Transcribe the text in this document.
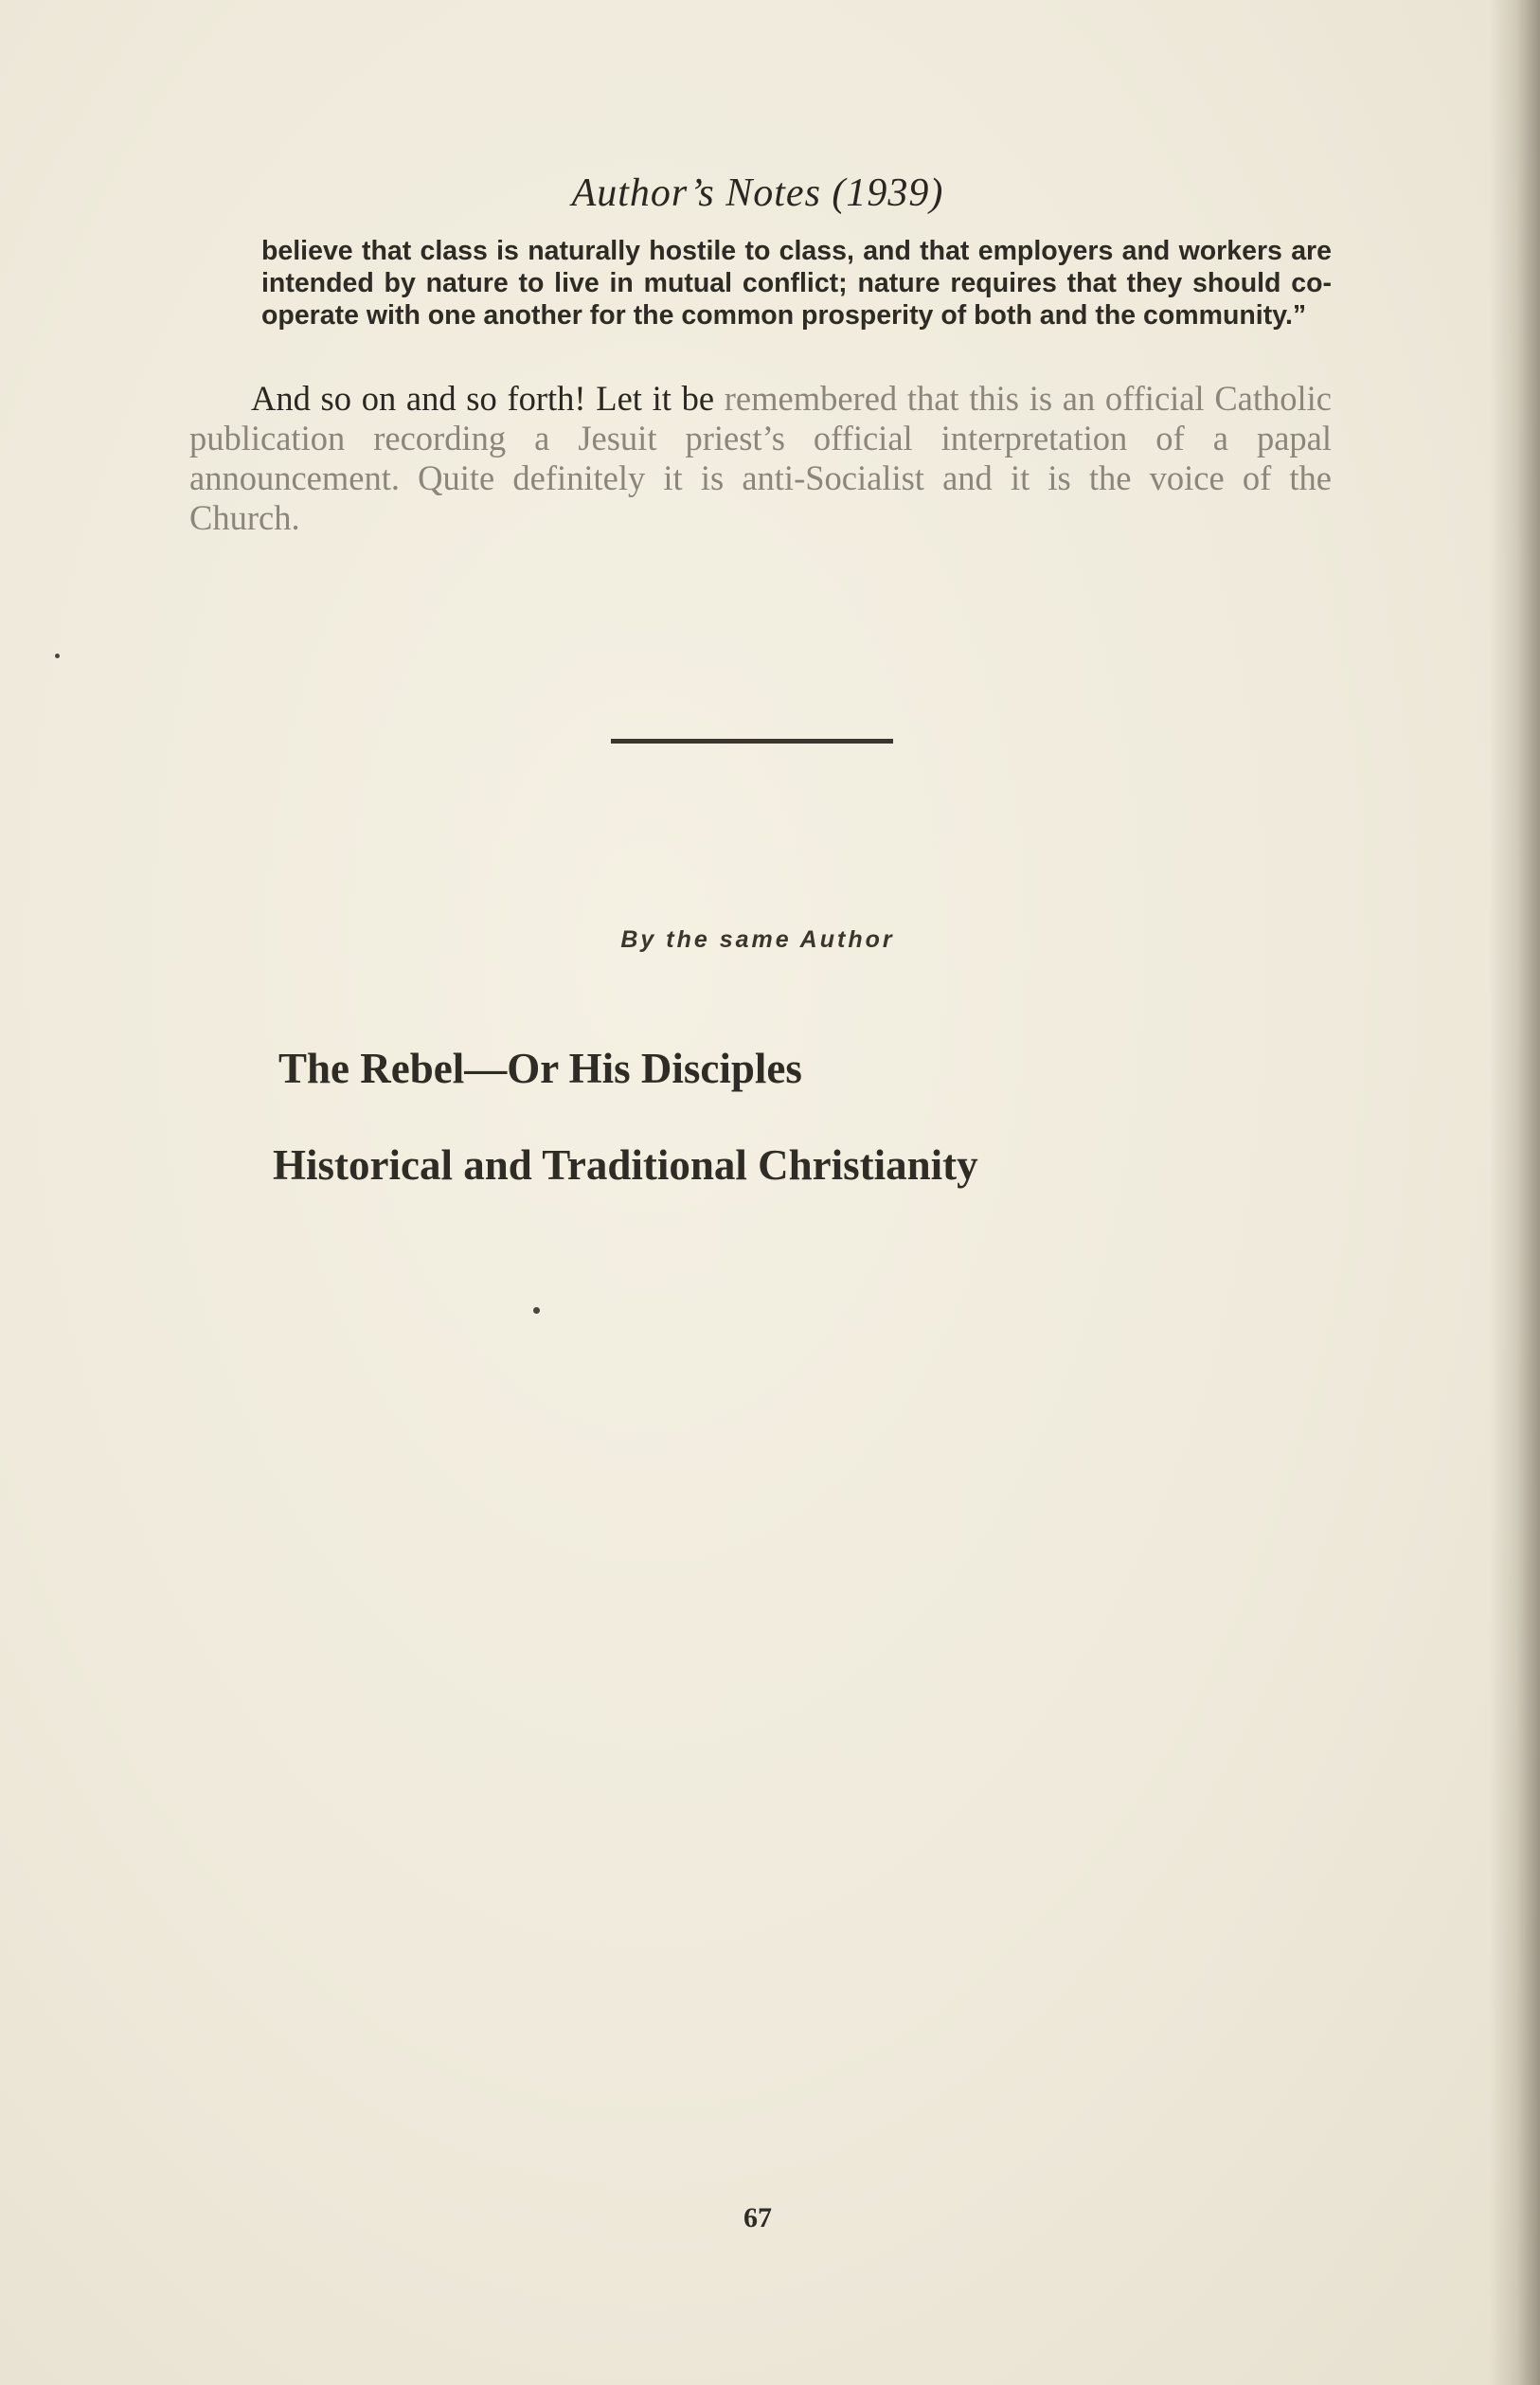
Author’s Notes (1939)
believe that class is naturally hostile to class, and that employers and workers are intended by nature to live in mutual conflict; nature requires that they should co-operate with one another for the common prosperity of both and the community.”
And so on and so forth! Let it be remembered that this is an official Catholic publication recording a Jesuit priest’s official interpretation of a papal announcement. Quite definitely it is anti-Socialist and it is the voice of the Church.
By the same Author
The Rebel—Or His Disciples
Historical and Traditional Christianity
67
